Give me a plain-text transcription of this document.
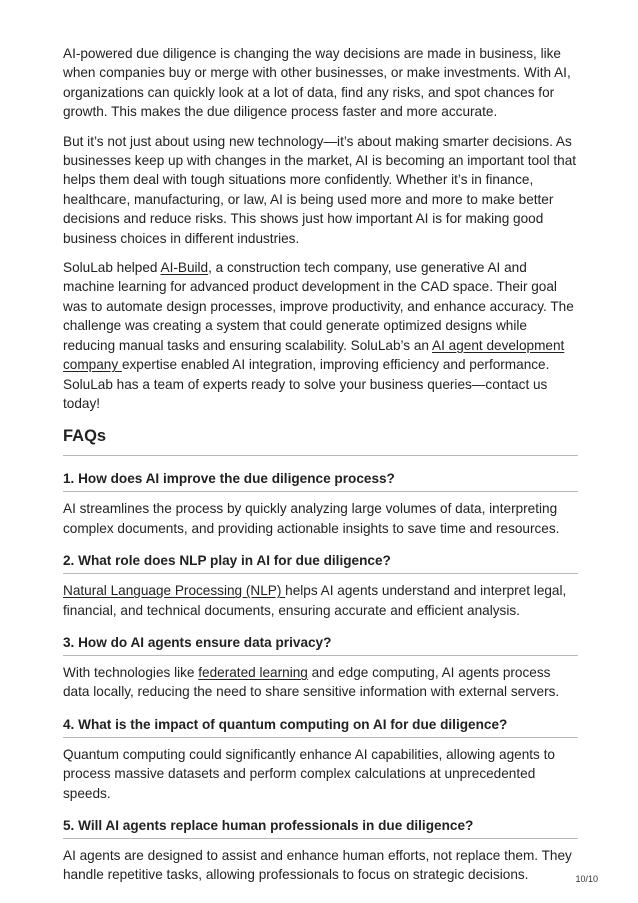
AI-powered due diligence is changing the way decisions are made in business, like when companies buy or merge with other businesses, or make investments. With AI, organizations can quickly look at a lot of data, find any risks, and spot chances for growth. This makes the due diligence process faster and more accurate.

But it’s not just about using new technology—it’s about making smarter decisions. As businesses keep up with changes in the market, AI is becoming an important tool that helps them deal with tough situations more confidently. Whether it’s in finance, healthcare, manufacturing, or law, AI is being used more and more to make better decisions and reduce risks. This shows just how important AI is for making good business choices in different industries.

SoluLab helped AI-Build, a construction tech company, use generative AI and machine learning for advanced product development in the CAD space. Their goal was to automate design processes, improve productivity, and enhance accuracy. The challenge was creating a system that could generate optimized designs while reducing manual tasks and ensuring scalability. SoluLab’s an AI agent development company expertise enabled AI integration, improving efficiency and performance. SoluLab has a team of experts ready to solve your business queries—contact us today!

FAQs
1. How does AI improve the due diligence process?

AI streamlines the process by quickly analyzing large volumes of data, interpreting complex documents, and providing actionable insights to save time and resources.

2. What role does NLP play in AI for due diligence?

Natural Language Processing (NLP) helps AI agents understand and interpret legal, financial, and technical documents, ensuring accurate and efficient analysis.

3. How do AI agents ensure data privacy?

With technologies like federated learning and edge computing, AI agents process data locally, reducing the need to share sensitive information with external servers.

4. What is the impact of quantum computing on AI for due diligence?

Quantum computing could significantly enhance AI capabilities, allowing agents to process massive datasets and perform complex calculations at unprecedented speeds.

5. Will AI agents replace human professionals in due diligence?

AI agents are designed to assist and enhance human efforts, not replace them. They handle repetitive tasks, allowing professionals to focus on strategic decisions.	10/10
